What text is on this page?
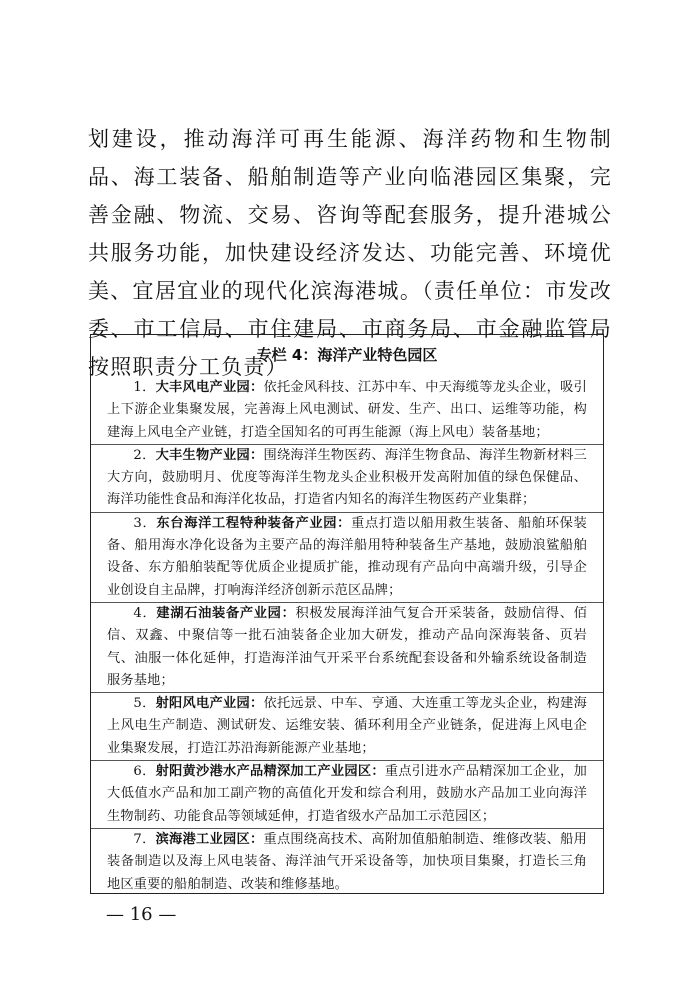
划建设，推动海洋可再生能源、海洋药物和生物制品、海工装备、船舶制造等产业向临港园区集聚，完善金融、物流、交易、咨询等配套服务，提升港城公共服务功能，加快建设经济发达、功能完善、环境优美、宜居宜业的现代化滨海港城。（责任单位：市发改委、市工信局、市住建局、市商务局、市金融监管局按照职责分工负责）

专栏 4：海洋产业特色园区

1．大丰风电产业园：依托金风科技、江苏中车、中天海缆等龙头企业，吸引上下游企业集聚发展，完善海上风电测试、研发、生产、出口、运维等功能，构建海上风电全产业链，打造全国知名的可再生能源（海上风电）装备基地；

2．大丰生物产业园：围绕海洋生物医药、海洋生物食品、海洋生物新材料三大方向，鼓励明月、优度等海洋生物龙头企业积极开发高附加值的绿色保健品、海洋功能性食品和海洋化妆品，打造省内知名的海洋生物医药产业集群；

3．东台海洋工程特种装备产业园：重点打造以船用救生装备、船舶环保装备、船用海水净化设备为主要产品的海洋船用特种装备生产基地，鼓励浪鲨船舶设备、东方船舶装配等优质企业提质扩能，推动现有产品向中高端升级，引导企业创设自主品牌，打响海洋经济创新示范区品牌；

4．建湖石油装备产业园：积极发展海洋油气复合开采装备，鼓励信得、佰信、双鑫、中聚信等一批石油装备企业加大研发，推动产品向深海装备、页岩气、油服一体化延伸，打造海洋油气开采平台系统配套设备和外输系统设备制造服务基地；

5．射阳风电产业园：依托远景、中车、亨通、大连重工等龙头企业，构建海上风电生产制造、测试研发、运维安装、循环利用全产业链条，促进海上风电企业集聚发展，打造江苏沿海新能源产业基地；

6．射阳黄沙港水产品精深加工产业园区：重点引进水产品精深加工企业，加大低值水产品和加工副产物的高值化开发和综合利用，鼓励水产品加工业向海洋生物制药、功能食品等领域延伸，打造省级水产品加工示范园区；

7．滨海港工业园区：重点围绕高技术、高附加值船舶制造、维修改装、船用装备制造以及海上风电装备、海洋油气开采设备等，加快项目集聚，打造长三角地区重要的船舶制造、改装和维修基地。

— 16 —
